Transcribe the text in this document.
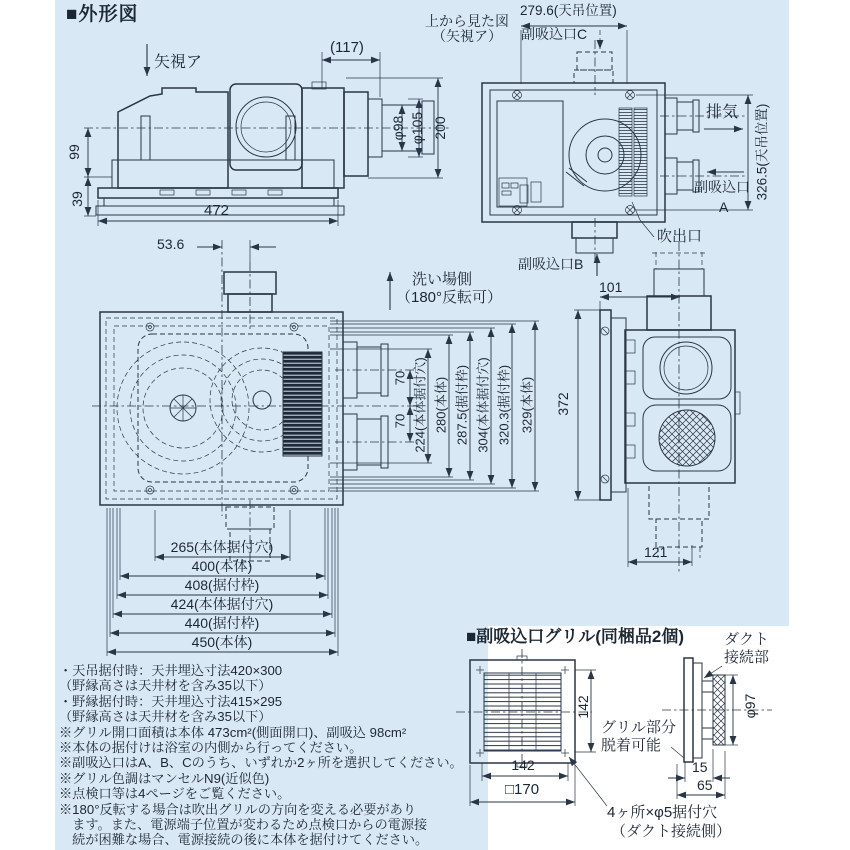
■外形図
矢視ア
(117)
φ98 φ105 200
99
39
472
上から見た図
（矢視ア）
279.6(天吊位置)
副吸込口C
排気 326.5(天吊位置)
副吸込口
A
吹出口
副吸込口B
53.6
洗い場側
（180°反転可）
70
70 224(本体据付穴) 280(本体) 287.5(据付枠) 304(本体据付穴) 320.3(据付枠) 329(本体)
265(本体据付穴)
400(本体)
408(据付枠)
424(本体据付穴)
440(据付枠)
450(本体)
101
372
121
・天吊据付時：天井埋込寸法420×300
（野縁高さは天井材を含み35以下）
・野縁据付時：天井埋込寸法415×295
（野縁高さは天井材を含み35以下）
※グリル開口面積は本体 473cm²(側面開口)、副吸込 98cm²
※本体の据付けは浴室の内側から行ってください。
※副吸込口はA、B、Cのうち、いずれか2ヶ所を選択してください。
※グリル色調はマンセルN9(近似色)
※点検口等は4ページをご覧ください。
※180°反転する場合は吹出グリルの方向を変える必要があり
　ます。また、電源端子位置が変わるため点検口からの電源接
　続が困難な場合、電源接続の後に本体を据付けてください。
■副吸込口グリル(同梱品2個)	ダクト
接続部
142
グリル部分
脱着可能
φ97
142
□170
15
65
4ヶ所×φ5据付穴
（ダクト接続側）
